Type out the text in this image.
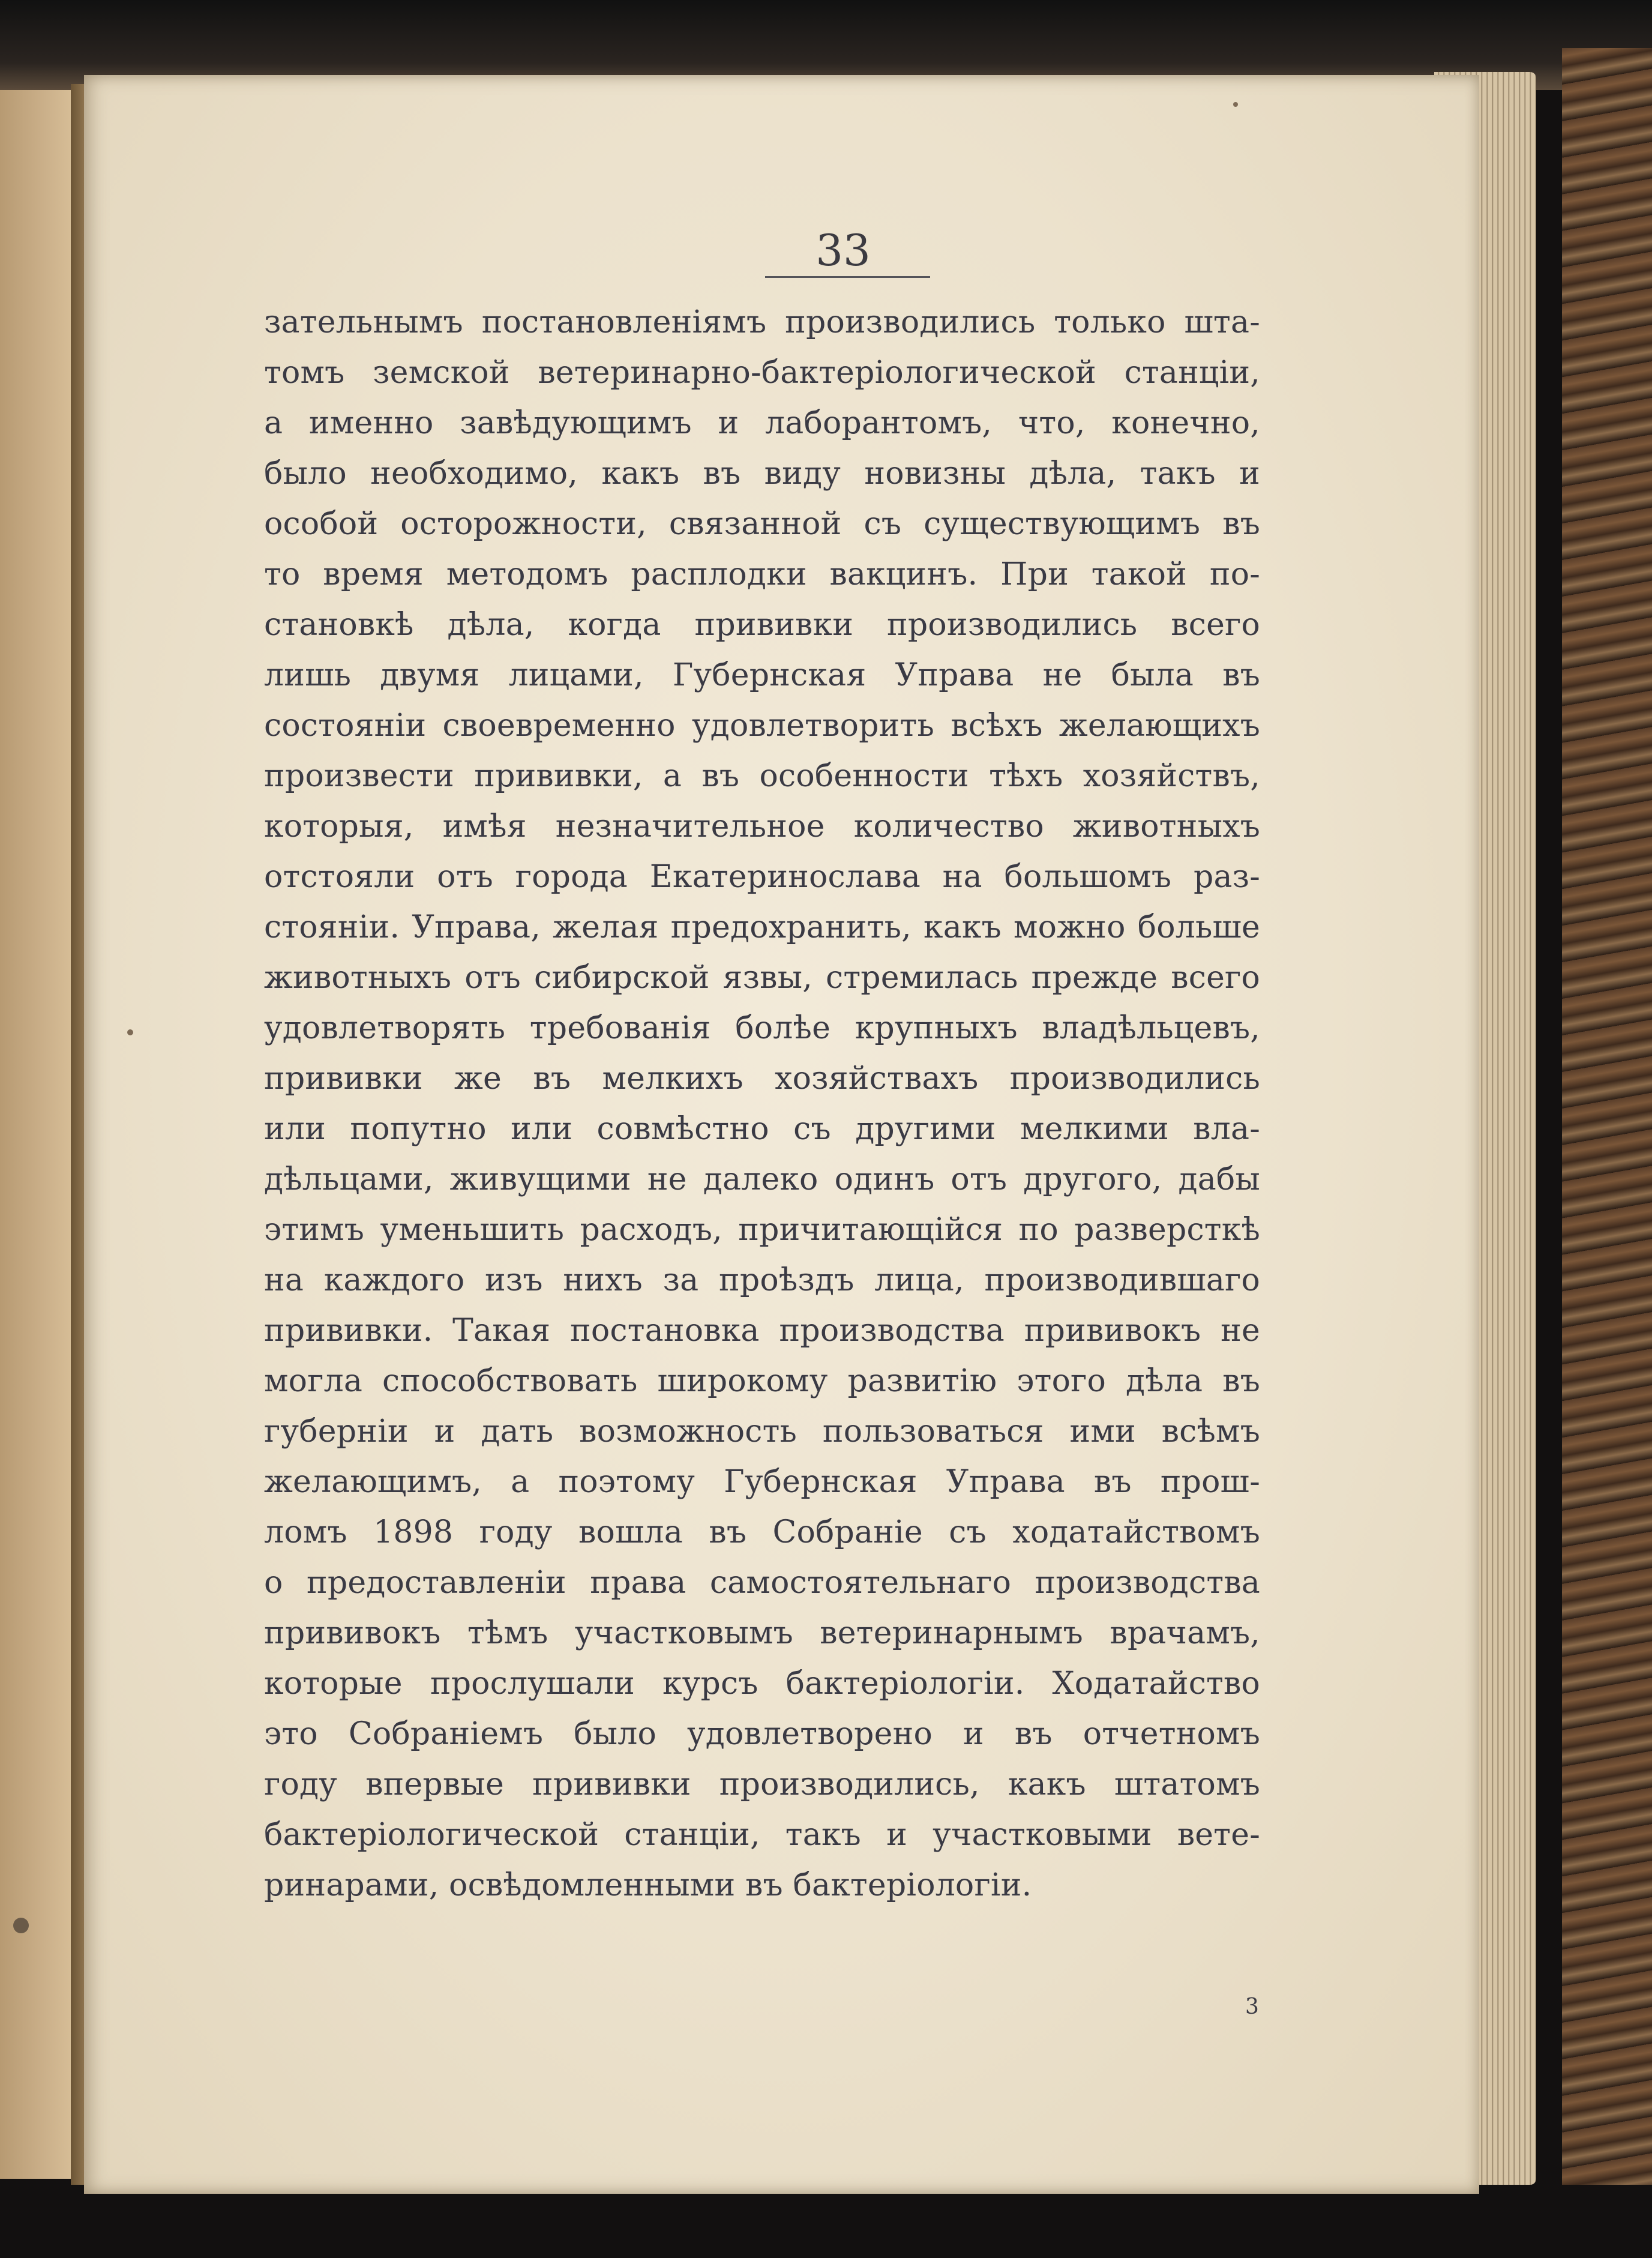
33
3
зательнымъ постановленіямъ производились только шта-
томъ земской ветеринарно-бактеріологической станціи,
а именно завѣдующимъ и лаборантомъ, что, конечно,
было необходимо, какъ въ виду новизны дѣла, такъ и
особой осторожности, связанной съ существующимъ въ
то время методомъ расплодки вакцинъ. При такой по-
становкѣ дѣла, когда прививки производились всего
лишь двумя лицами, Губернская Управа не была въ
состояніи своевременно удовлетворить всѣхъ желающихъ
произвести прививки, а въ особенности тѣхъ хозяйствъ,
которыя, имѣя незначительное количество животныхъ
отстояли отъ города Екатеринослава на большомъ раз-
стояніи. Управа, желая предохранить, какъ можно больше
животныхъ отъ сибирской язвы, стремилась прежде всего
удовлетворять требованія болѣе крупныхъ владѣльцевъ,
прививки же въ мелкихъ хозяйствахъ производились
или попутно или совмѣстно съ другими мелкими вла-
дѣльцами, живущими не далеко одинъ отъ другого, дабы
этимъ уменьшить расходъ, причитающійся по разверсткѣ
на каждого изъ нихъ за проѣздъ лица, производившаго
прививки. Такая постановка производства прививокъ не
могла способствовать широкому развитію этого дѣла въ
губерніи и дать возможность пользоваться ими всѣмъ
желающимъ, а поэтому Губернская Управа въ прош-
ломъ 1898 году вошла въ Собраніе съ ходатайствомъ
о предоставленіи права самостоятельнаго производства
прививокъ тѣмъ участковымъ ветеринарнымъ врачамъ,
которые прослушали курсъ бактеріологіи. Ходатайство
это Собраніемъ было удовлетворено и въ отчетномъ
году впервые прививки производились, какъ штатомъ
бактеріологической станціи, такъ и участковыми вете-
ринарами, освѣдомленными въ бактеріологіи.
